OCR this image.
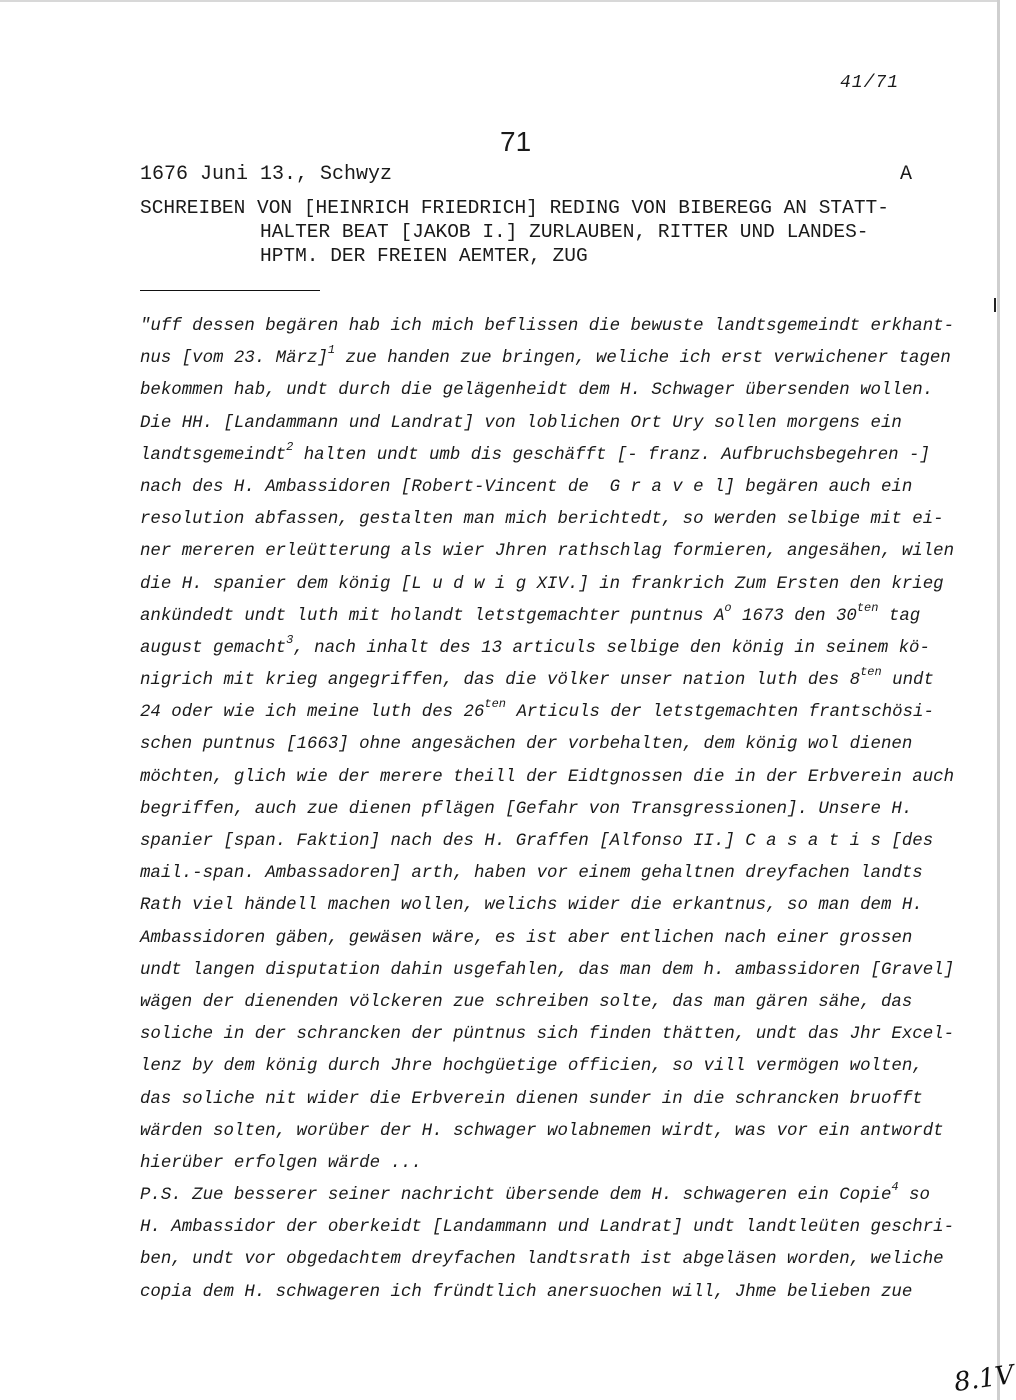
41/71
71
1676 Juni 13., Schwyz	A
SCHREIBEN VON [HEINRICH FRIEDRICH] REDING VON BIBEREGG AN STATT-
HALTER BEAT [JAKOB I.] ZURLAUBEN, RITTER UND LANDES-
HPTM. DER FREIEN AEMTER, ZUG
"uff dessen begären hab ich mich beflissen die bewuste landtsgemeindt erkhant-
nus [vom 23. März]$^1$ zue handen zue bringen, weliche ich erst verwichener tagen
bekommen hab, undt durch die gelägenheidt dem H. Schwager übersenden wollen.
Die HH. [Landammann und Landrat] von loblichen Ort Ury sollen morgens ein
landtsgemeindt$^2$ halten undt umb dis geschäfft [- franz. Aufbruchsbegehren -]
nach des H. Ambassidoren [Robert-Vincent de  G r a v e l] begären auch ein
resolution abfassen, gestalten man mich berichtedt, so werden selbige mit ei-
ner mereren erleütterung als wier Jhren rathschlag formieren, angesähen, wilen
die H. spanier dem könig [L u d w i g XIV.] in frankrich Zum Ersten den krieg
ankündedt undt luth mit holandt letstgemachter puntnus $A^o$ 1673 den $30^{ten}$ tag
august gemacht$^3$, nach inhalt des 13 articuls selbige den könig in seinem kö-
nigrich mit krieg angegriffen, das die völker unser nation luth des $8^{ten}$ undt
24 oder wie ich meine luth des $26^{ten}$ Articuls der letstgemachten frantschösi-
schen puntnus [1663] ohne angesächen der vorbehalten, dem könig wol dienen
möchten, glich wie der merere theill der Eidtgnossen die in der Erbverein auch
begriffen, auch zue dienen pflägen [Gefahr von Transgressionen]. Unsere H.
spanier [span. Faktion] nach des H. Graffen [Alfonso II.] C a s a t i s [des
mail.-span. Ambassadoren] arth, haben vor einem gehaltnen dreyfachen landts
Rath viel händell machen wollen, welichs wider die erkantnus, so man dem H.
Ambassidoren gäben, gewäsen wäre, es ist aber entlichen nach einer grossen
undt langen disputation dahin usgefahlen, das man dem h. ambassidoren [Gravel]
wägen der dienenden völckeren zue schreiben solte, das man gären sähe, das
soliche in der schrancken der püntnus sich finden thätten, undt das Jhr Excel-
lenz by dem könig durch Jhre hochgüetige officien, so vill vermögen wolten,
das soliche nit wider die Erbverein dienen sunder in die schrancken bruofft
wärden solten, worüber der H. schwager wolabnemen wirdt, was vor ein antwordt
hierüber erfolgen wärde ...
P.S. Zue besserer seiner nachricht übersende dem H. schwageren ein Copie$^4$ so
H. Ambassidor der oberkeidt [Landammann und Landrat] undt landtleüten geschri-
ben, undt vor obgedachtem dreyfachen landtsrath ist abgeläsen worden, weliche
copia dem H. schwageren ich fründtlich anersuochen will, Jhme belieben zue
8.1V
